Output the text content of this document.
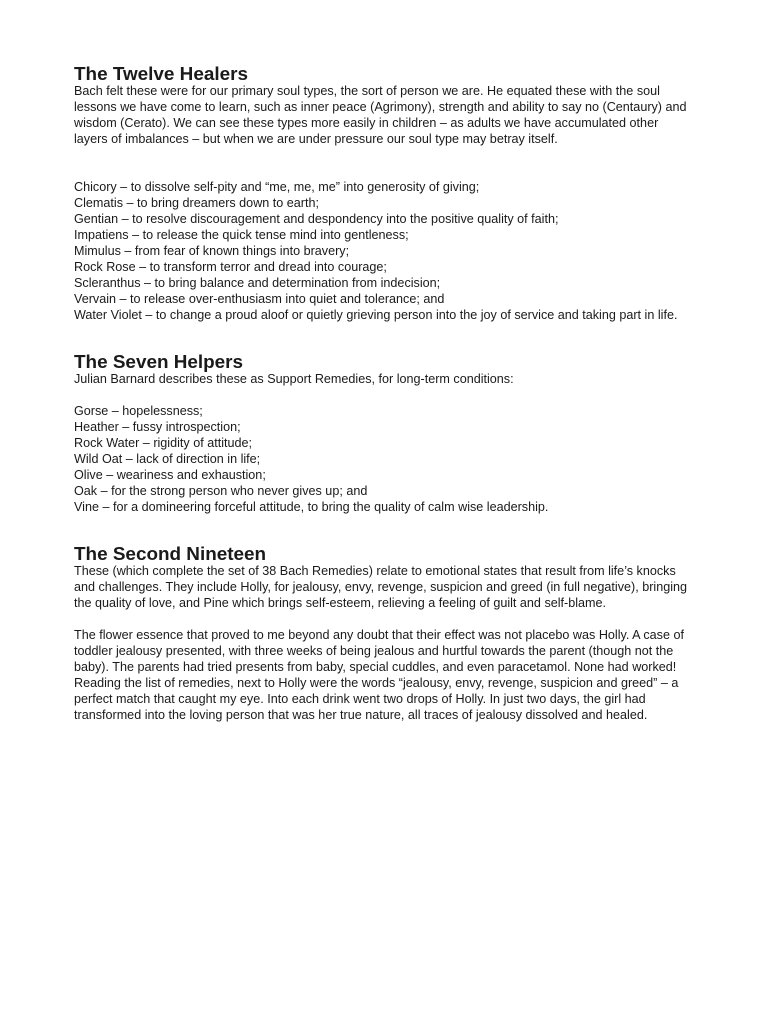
The Twelve Healers

Bach felt these were for our primary soul types, the sort of person we are. He equated these with the soul lessons we have come to learn, such as inner peace (Agrimony), strength and ability to say no (Centaury) and wisdom (Cerato). We can see these types more easily in children – as adults we have accumulated other layers of imbalances – but when we are under pressure our soul type may betray itself.

Chicory – to dissolve self-pity and “me, me, me” into generosity of giving;
Clematis – to bring dreamers down to earth;
Gentian – to resolve discouragement and despondency into the positive quality of faith;
Impatiens – to release the quick tense mind into gentleness;
Mimulus – from fear of known things into bravery;
Rock Rose – to transform terror and dread into courage;
Scleranthus – to bring balance and determination from indecision;
Vervain – to release over-enthusiasm into quiet and tolerance; and
Water Violet – to change a proud aloof or quietly grieving person into the joy of service and taking part in life.
The Seven Helpers

Julian Barnard describes these as Support Remedies, for long-term conditions:

Gorse – hopelessness;
Heather – fussy introspection;
Rock Water – rigidity of attitude;
Wild Oat – lack of direction in life;
Olive – weariness and exhaustion;
Oak – for the strong person who never gives up; and
Vine – for a domineering forceful attitude, to bring the quality of calm wise leadership.
The Second Nineteen

These (which complete the set of 38 Bach Remedies) relate to emotional states that result from life’s knocks and challenges. They include Holly, for jealousy, envy, revenge, suspicion and greed (in full negative), bringing the quality of love, and Pine which brings self-esteem, relieving a feeling of guilt and self-blame.

The flower essence that proved to me beyond any doubt that their effect was not placebo was Holly. A case of toddler jealousy presented, with three weeks of being jealous and hurtful towards the parent (though not the baby). The parents had tried presents from baby, special cuddles, and even paracetamol. None had worked! Reading the list of remedies, next to Holly were the words “jealousy, envy, revenge, suspicion and greed” – a perfect match that caught my eye. Into each drink went two drops of Holly. In just two days, the girl had transformed into the loving person that was her true nature, all traces of jealousy dissolved and healed.
